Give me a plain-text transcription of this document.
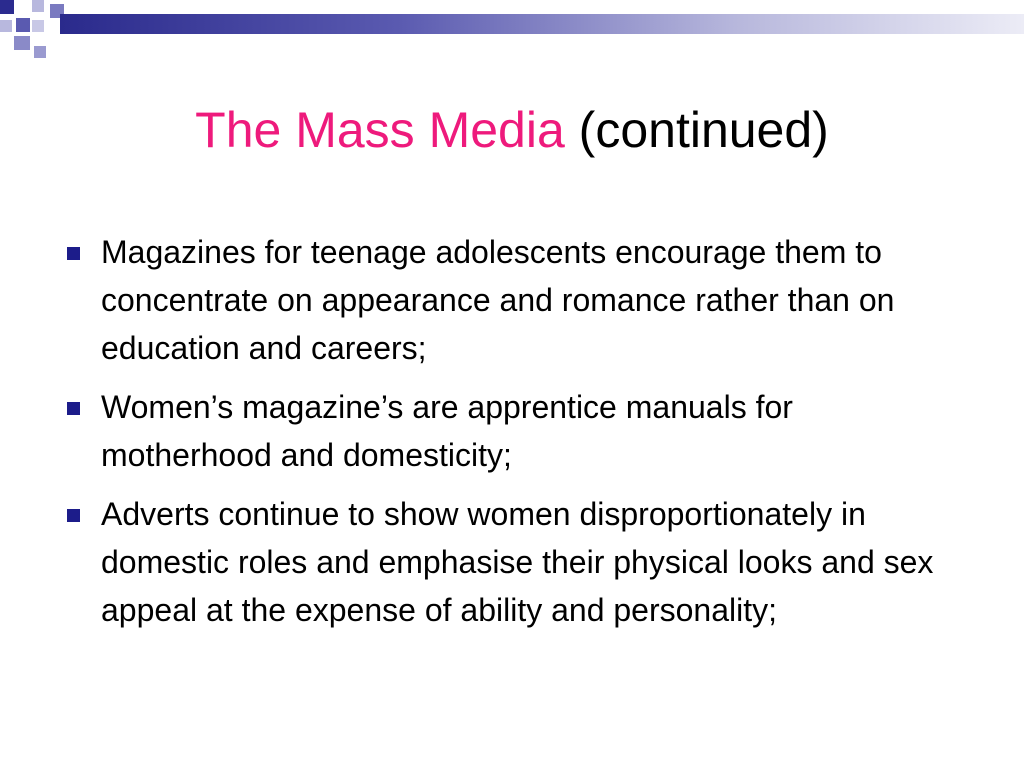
The Mass Media (continued)
Magazines for teenage adolescents encourage them to concentrate on appearance and romance rather than on education and careers;
Women’s magazine’s are apprentice manuals for motherhood and domesticity;
Adverts continue to show women disproportionately in domestic roles and emphasise their physical looks and sex appeal at the expense of ability and personality;
